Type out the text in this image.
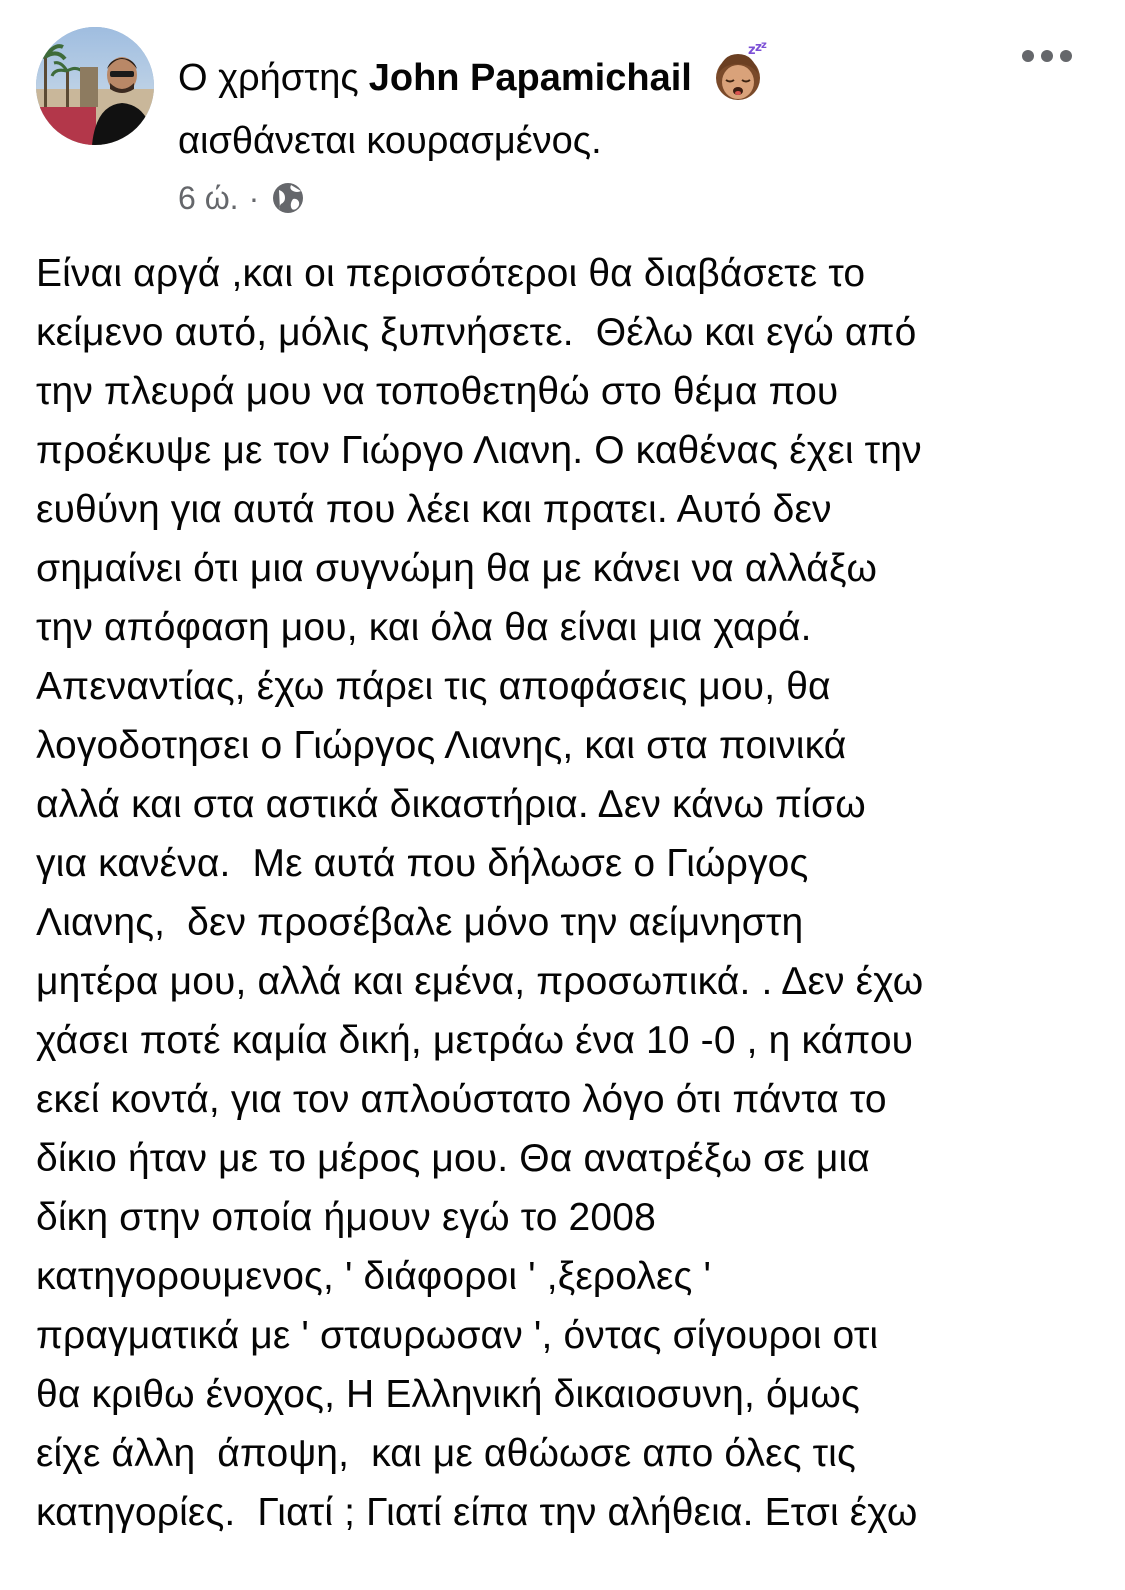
Ο χρήστης John Papamichail
z z z
αισθάνεται κουρασμένος.
6 ώ. ·
Είναι αργά ,και οι περισσότεροι θα διαβάσετε το
κείμενο αυτό, μόλις ξυπνήσετε.  Θέλω και εγώ από
την πλευρά μου να τοποθετηθώ στο θέμα που
προέκυψε με τον Γιώργο Λιανη. Ο καθένας έχει την
ευθύνη για αυτά που λέει και πρατει. Αυτό δεν
σημαίνει ότι μια συγνώμη θα με κάνει να αλλάξω
την απόφαση μου, και όλα θα είναι μια χαρά.
Απεναντίας, έχω πάρει τις αποφάσεις μου, θα
λογοδοτησει ο Γιώργος Λιανης, και στα ποινικά
αλλά και στα αστικά δικαστήρια. Δεν κάνω πίσω
για κανένα.  Με αυτά που δήλωσε ο Γιώργος
Λιανης,  δεν προσέβαλε μόνο την αείμνηστη
μητέρα μου, αλλά και εμένα, προσωπικά. . Δεν έχω
χάσει ποτέ καμία δική, μετράω ένα 10 -0 , η κάπου
εκεί κοντά, για τον απλούστατο λόγο ότι πάντα το
δίκιο ήταν με το μέρος μου. Θα ανατρέξω σε μια
δίκη στην οποία ήμουν εγώ το 2008
κατηγορουμενος, ' διάφοροι ' ,ξερολες '
πραγματικά με ' σταυρωσαν ', όντας σίγουροι οτι
θα κριθω ένοχος, Η Ελληνική δικαιοσυνη, όμως
είχε άλλη  άποψη,  και με αθώωσε απο όλες τις
κατηγορίες.  Γιατί ; Γιατί είπα την αλήθεια. Ετσι έχω
